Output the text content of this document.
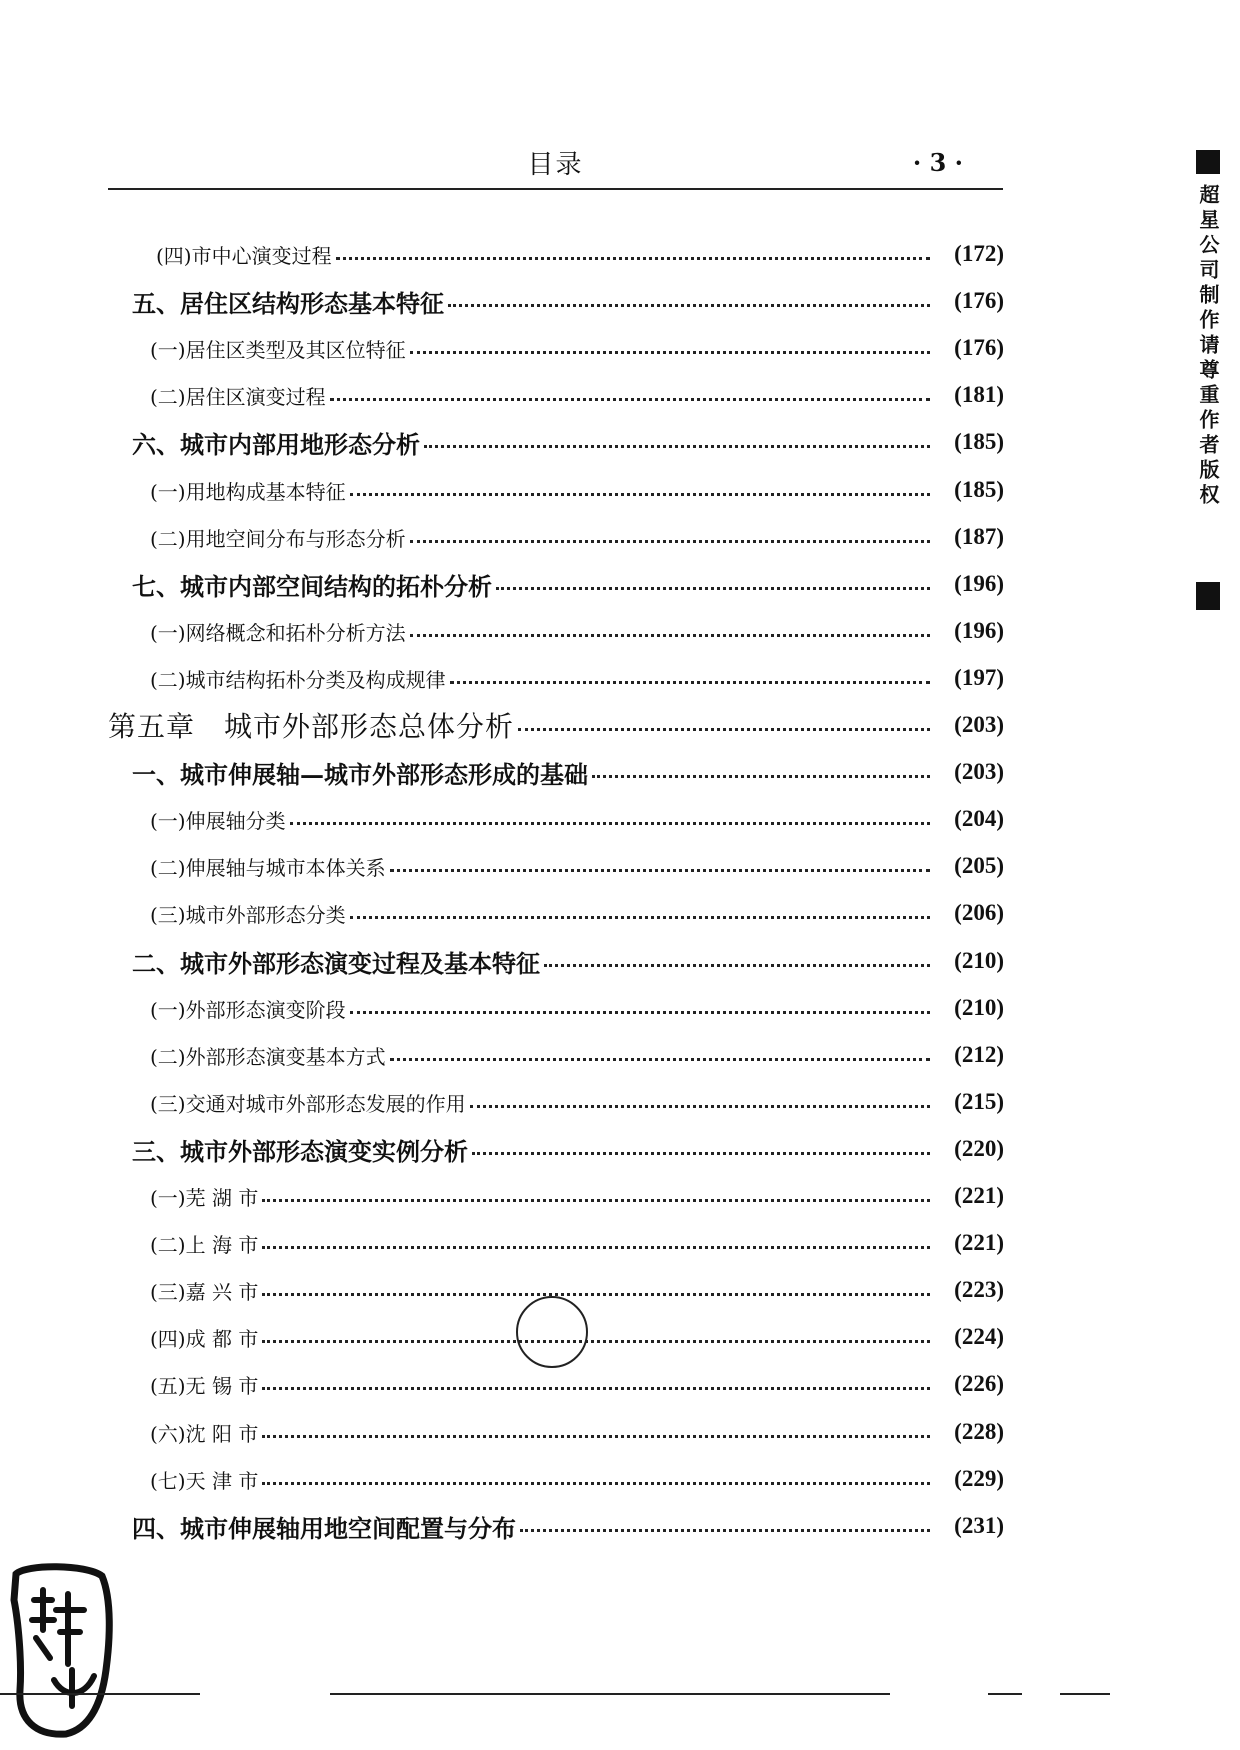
目录	· 3 ·
(四)市中心演变过程	(172)
五、居住区结构形态基本特征	(176)
(一)居住区类型及其区位特征	(176)
(二)居住区演变过程	(181)
六、城市内部用地形态分析	(185)
(一)用地构成基本特征	(185)
(二)用地空间分布与形态分析	(187)
七、城市内部空间结构的拓朴分析	(196)
(一)网络概念和拓朴分析方法	(196)
(二)城市结构拓朴分类及构成规律	(197)
第五章　城市外部形态总体分析	(203)
一、城市伸展轴—城市外部形态形成的基础	(203)
(一)伸展轴分类	(204)
(二)伸展轴与城市本体关系	(205)
(三)城市外部形态分类	(206)
二、城市外部形态演变过程及基本特征	(210)
(一)外部形态演变阶段	(210)
(二)外部形态演变基本方式	(212)
(三)交通对城市外部形态发展的作用	(215)
三、城市外部形态演变实例分析	(220)
(一)芜 湖 市	(221)
(二)上 海 市	(221)
(三)嘉 兴 市	(223)
(四)成 都 市	(224)
(五)无 锡 市	(226)
(六)沈 阳 市	(228)
(七)天 津 市	(229)
四、城市伸展轴用地空间配置与分布	(231)
超星公司制作请尊重作者版权
